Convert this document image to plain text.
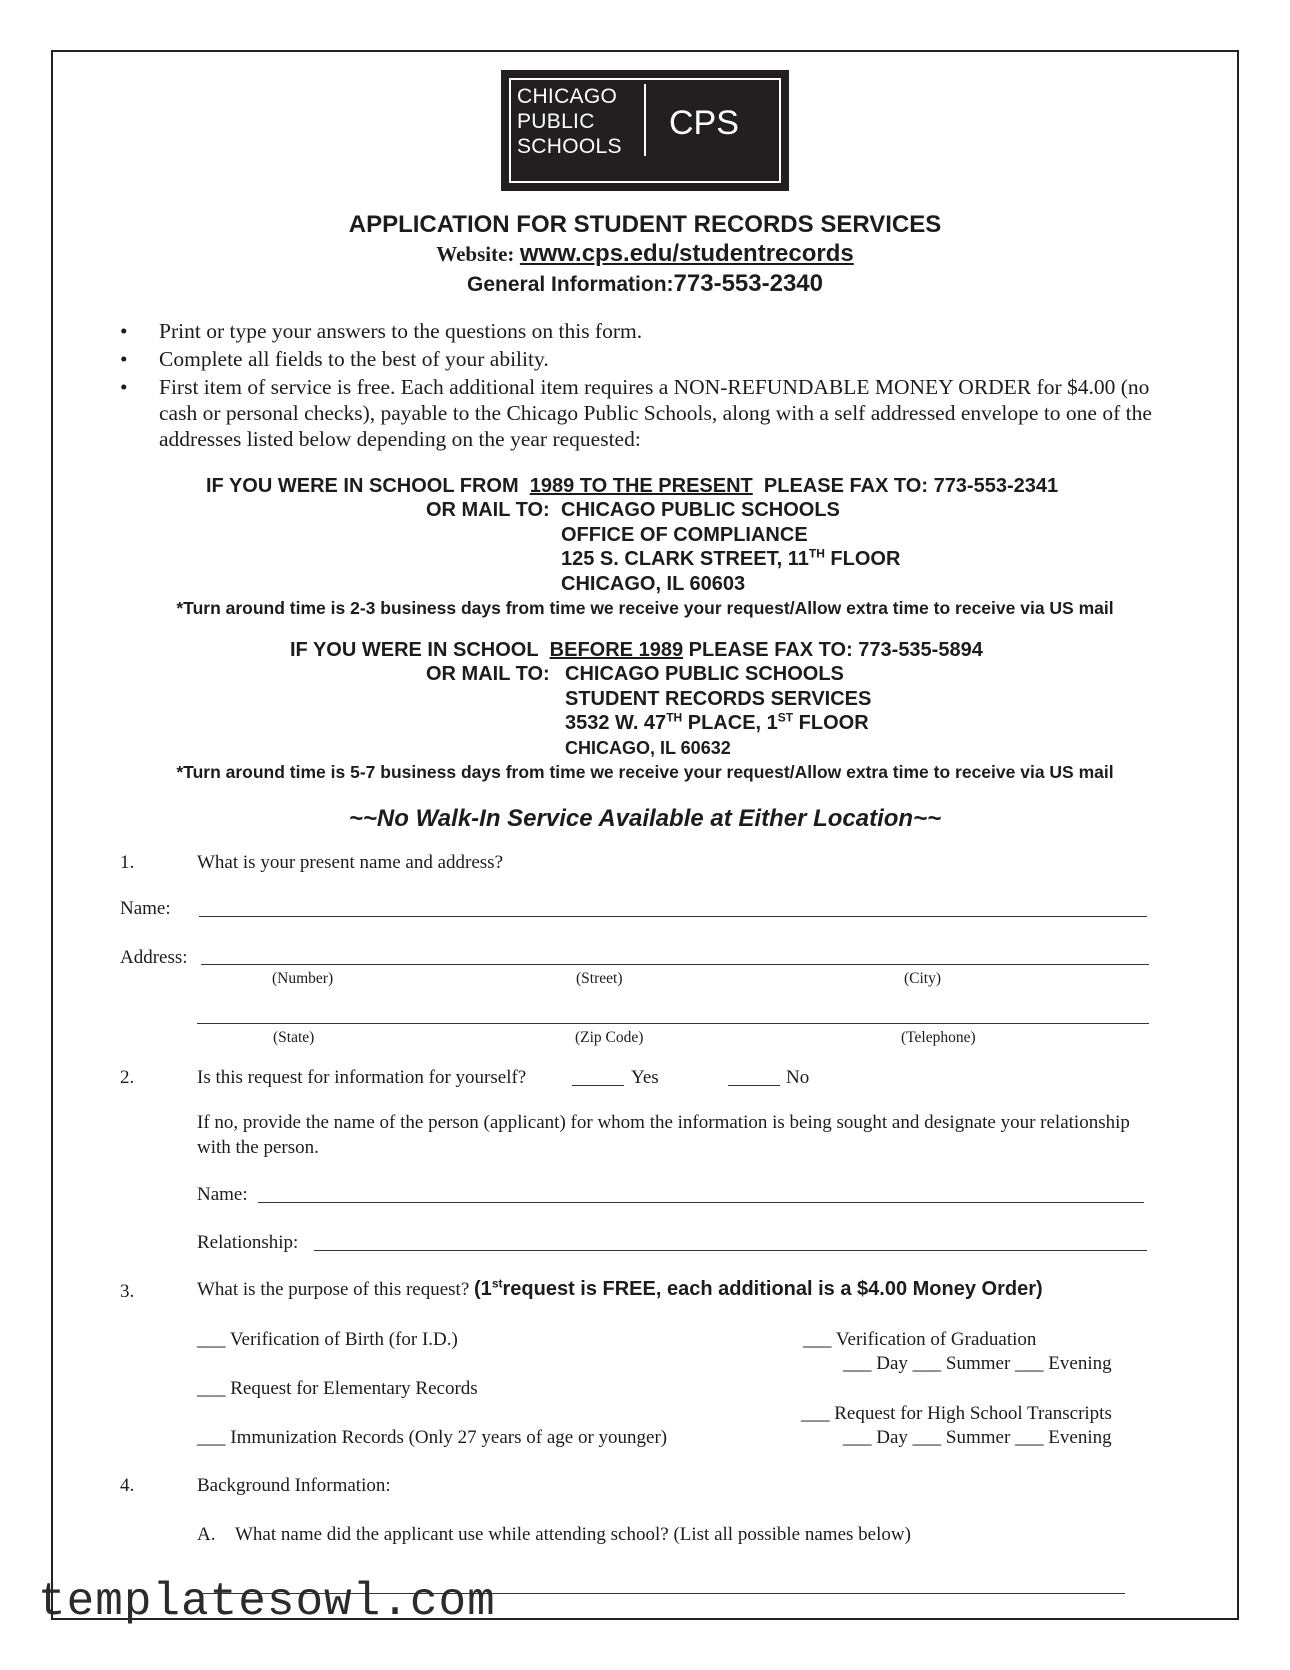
CHICAGO
PUBLIC
SCHOOLS
CPS
APPLICATION FOR STUDENT RECORDS SERVICES
Website: www.cps.edu/studentrecords
General Information:773-553-2340
• Print or type your answers to the questions on this form.
• Complete all fields to the best of your ability.
• First item of service is free. Each additional item requires a NON-REFUNDABLE MONEY ORDER for $4.00 (no cash or personal checks), payable to the Chicago Public Schools, along with a self addressed envelope to one of the addresses listed below depending on the year requested:
IF YOU WERE IN SCHOOL FROM 1989 TO THE PRESENT PLEASE FAX TO: 773-553-2341
OR MAIL TO: CHICAGO PUBLIC SCHOOLS
OFFICE OF COMPLIANCE
125 S. CLARK STREET, 11TH FLOOR
CHICAGO, IL 60603
*Turn around time is 2-3 business days from time we receive your request/Allow extra time to receive via US mail
IF YOU WERE IN SCHOOL BEFORE 1989 PLEASE FAX TO: 773-535-5894
OR MAIL TO: CHICAGO PUBLIC SCHOOLS
STUDENT RECORDS SERVICES
3532 W. 47TH PLACE, 1ST FLOOR
CHICAGO, IL 60632
*Turn around time is 5-7 business days from time we receive your request/Allow extra time to receive via US mail
~~No Walk-In Service Available at Either Location~~
1.	What is your present name and address?
Name:
Address:
(Number)	(Street)	(City)
(State)	(Zip Code)	(Telephone)
2.	Is this request for information for yourself?	Yes	No
If no, provide the name of the person (applicant) for whom the information is being sought and designate your relationship with the person.
Name:
Relationship:
3.	What is the purpose of this request? (1strequest is FREE, each additional is a $4.00 Money Order)
___ Verification of Birth (for I.D.)
___ Request for Elementary Records
___ Immunization Records (Only 27 years of age or younger)
___ Verification of Graduation
___ Day ___ Summer ___ Evening
___ Request for High School Transcripts
___ Day ___ Summer ___ Evening
4.	Background Information:
A. What name did the applicant use while attending school? (List all possible names below)
templatesowl.com
